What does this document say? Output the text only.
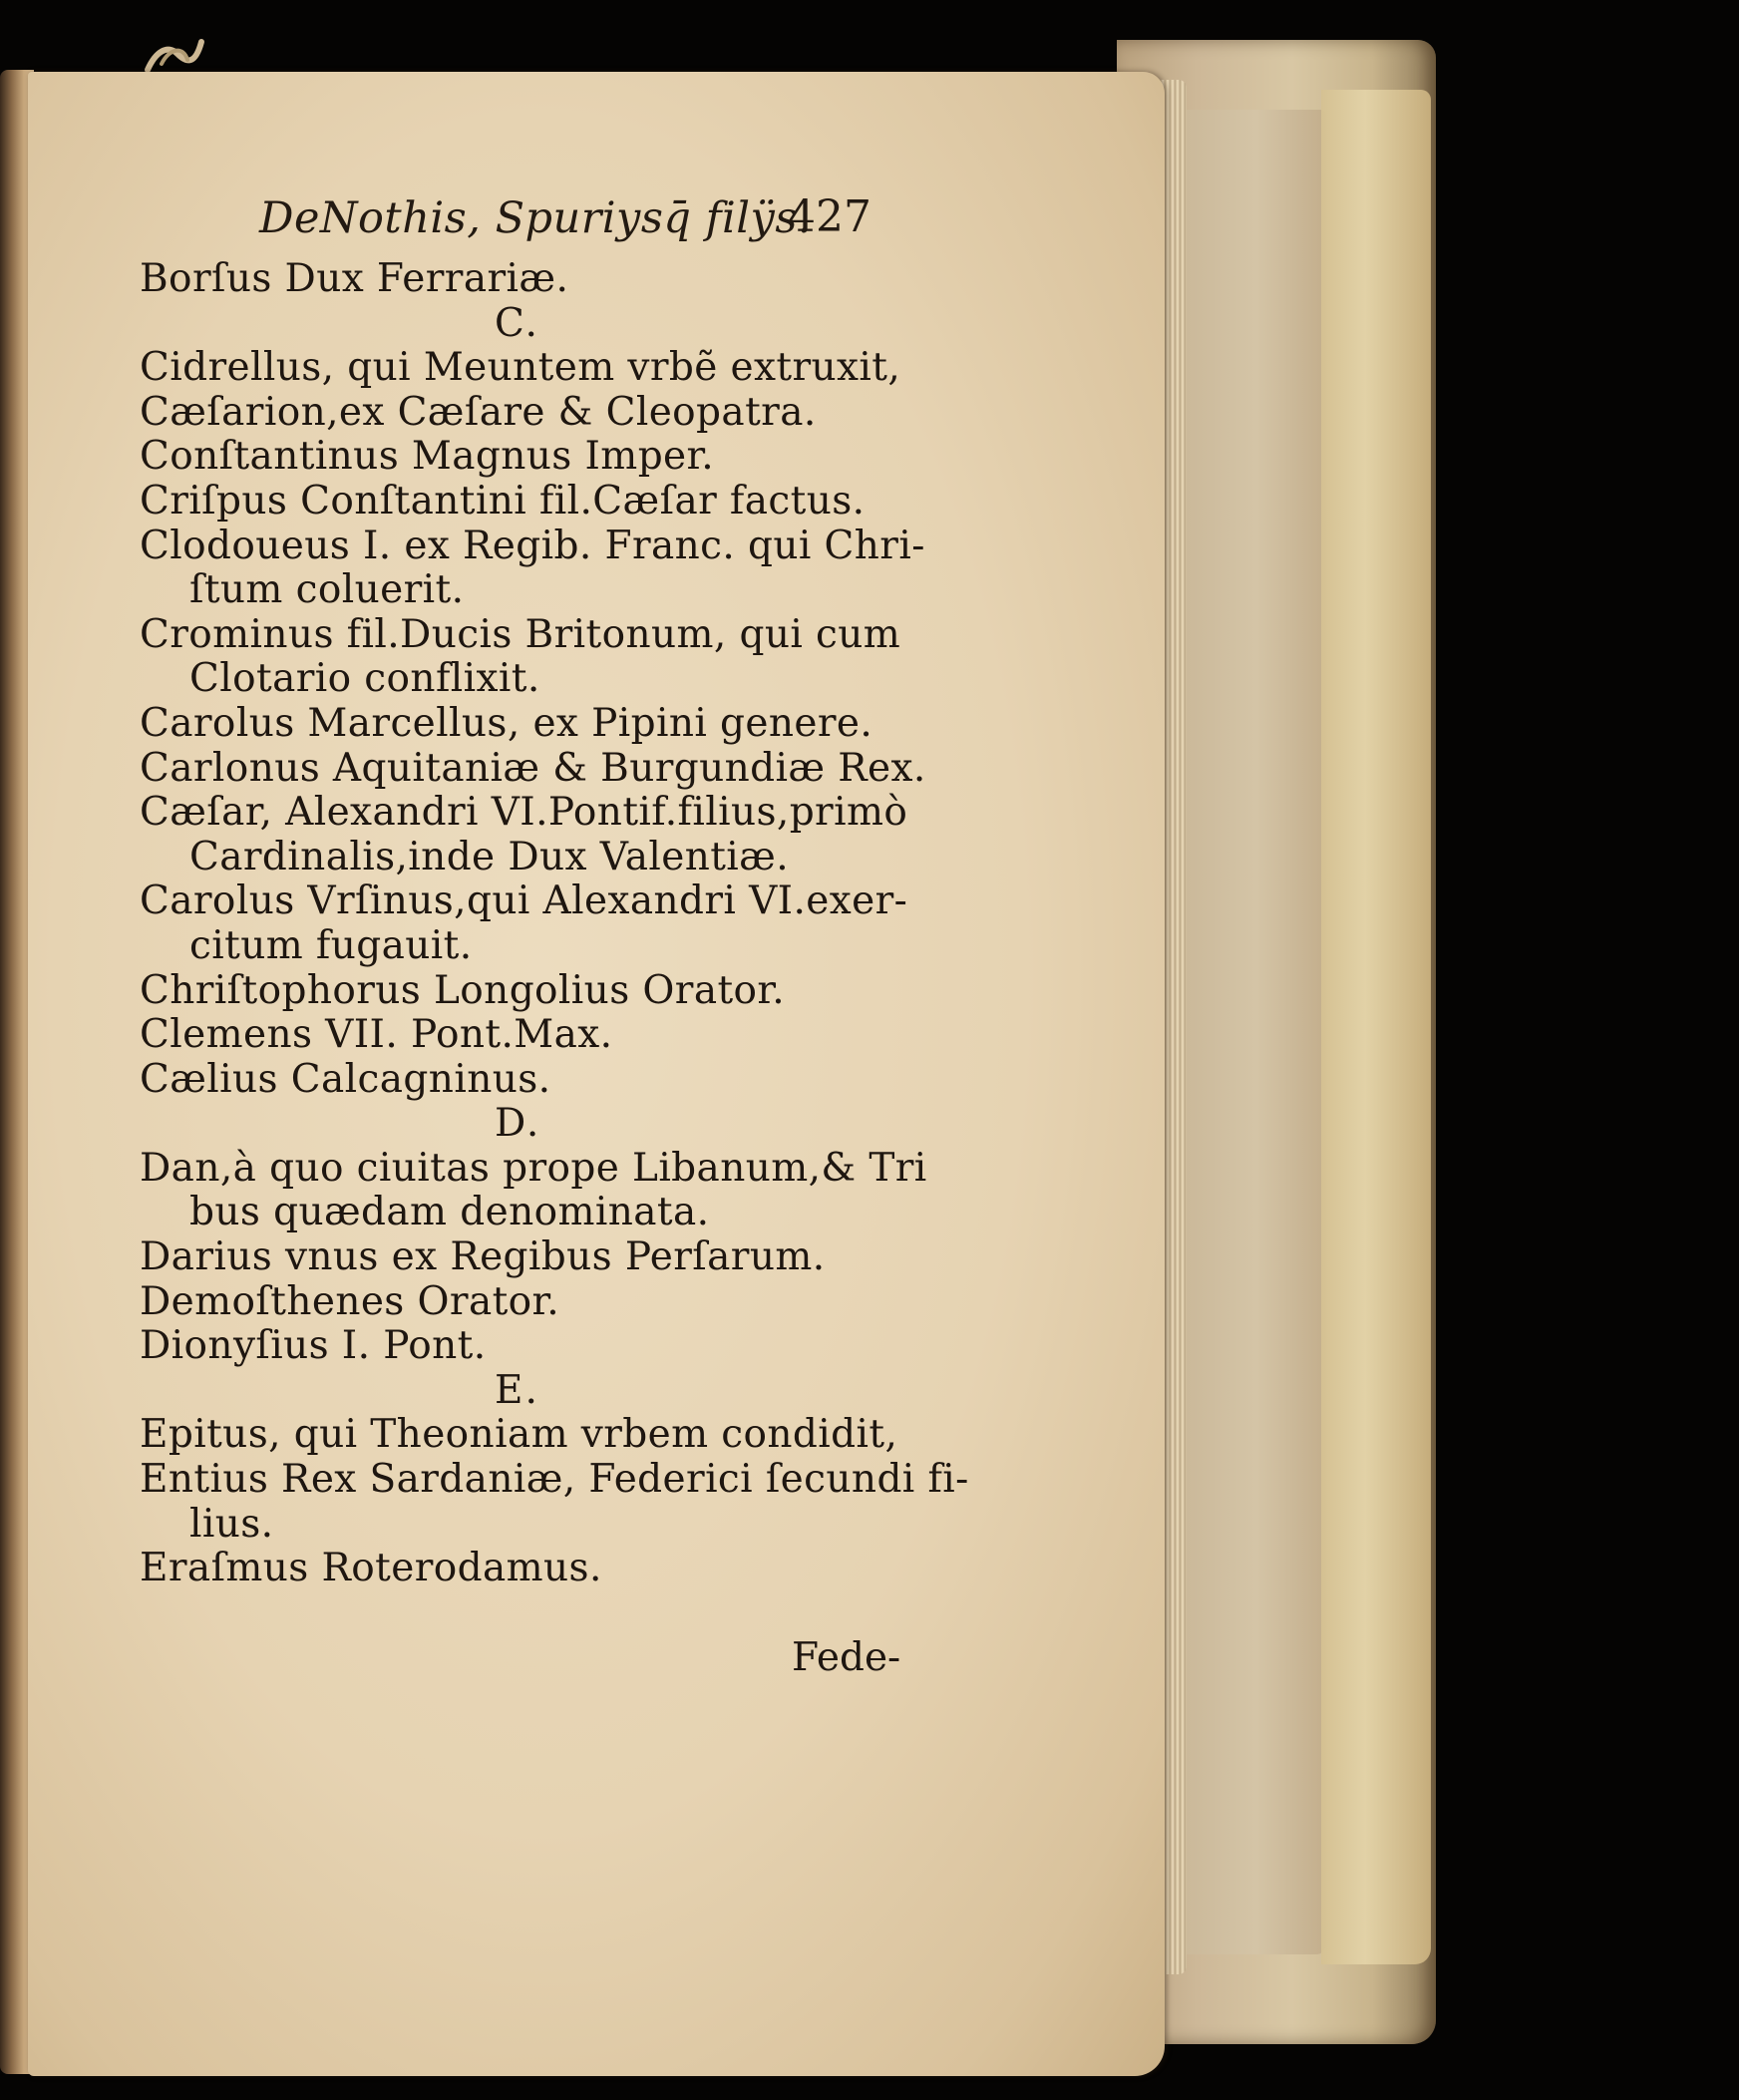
DeNothis, Spuriysq̄ filÿs.
427
Borſus Dux Ferrariæ.
C.
Cidrellus, qui Meuntem vrbẽ extruxit,
Cæſarion,ex Cæſare & Cleopatra.
Conſtantinus Magnus Imper.
Criſpus Conſtantini fil.Cæſar factus.
Clodoueus I. ex Regib. Franc. qui Chri-
ſtum coluerit.
Crominus fil.Ducis Britonum, qui cum
Clotario conflixit.
Carolus Marcellus, ex Pipini genere.
Carlonus Aquitaniæ & Burgundiæ Rex.
Cæſar, Alexandri VI.Pontif.filius,primò
Cardinalis,inde Dux Valentiæ.
Carolus Vrſinus,qui Alexandri VI.exer-
citum fugauit.
Chriſtophorus Longolius Orator.
Clemens VII. Pont.Max.
Cælius Calcagninus.
D.
Dan,à quo ciuitas prope Libanum,& Tri
bus quædam denominata.
Darius vnus ex Regibus Perſarum.
Demoſthenes Orator.
Dionyſius I. Pont.
E.
Epitus, qui Theoniam vrbem condidit,
Entius Rex Sardaniæ, Federici ſecundi fi-
lius.
Eraſmus Roterodamus.
Fede-
